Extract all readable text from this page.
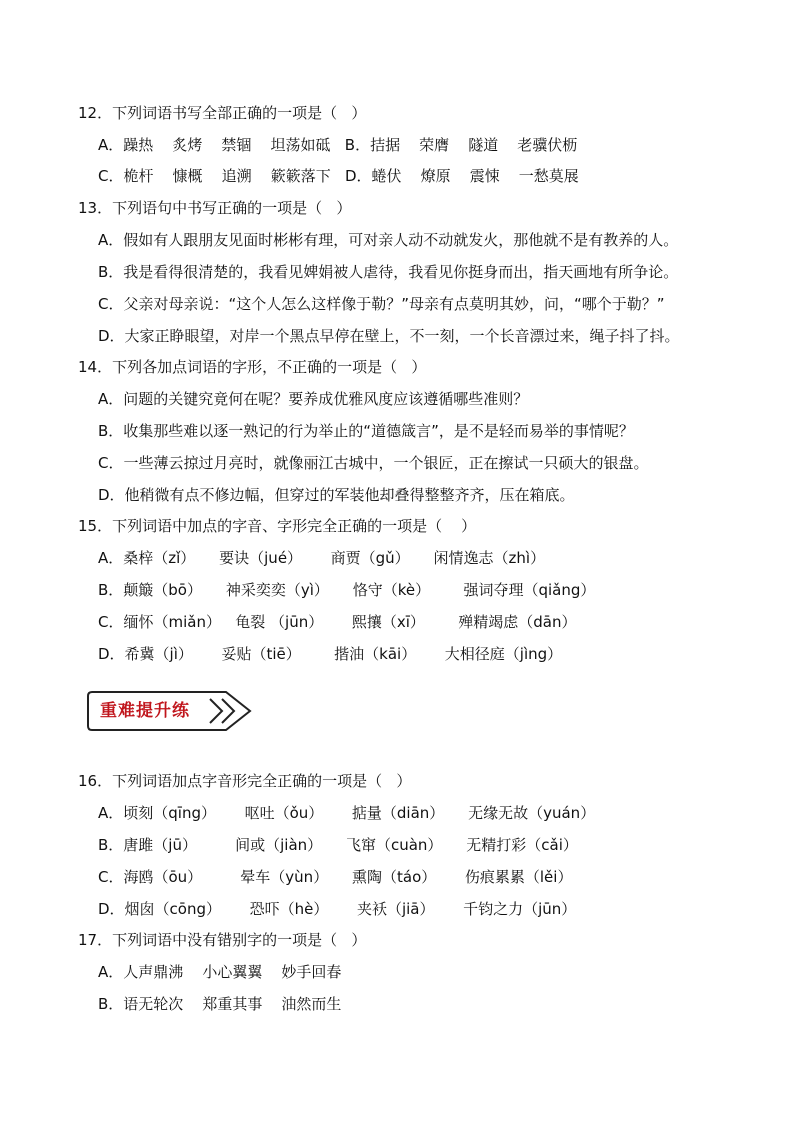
12．下列词语书写全部正确的一项是（   ）
A．躁热    炙烤    禁锢    坦荡如砥   B．拮据    荣膺    隧道    老骥伏枥
C．桅杆    慷概    追溯    簌簌落下   D．蜷伏    燎原    震悚    一愁莫展
13．下列语句中书写正确的一项是（   ）
A．假如有人跟朋友见面时彬彬有理，可对亲人动不动就发火，那他就不是有教养的人。
B．我是看得很清楚的，我看见婢娟被人虐待，我看见你挺身而出，指天画地有所争论。
C．父亲对母亲说：“这个人怎么这样像于勒？”母亲有点莫明其妙，问，“哪个于勒？”
D．大家正睁眼望，对岸一个黑点早停在壁上，不一刻，一个长音漂过来，绳子抖了抖。
14．下列各加点词语的字形，不正确的一项是（   ）
A．问题的关键究竟何在呢？要养成优雅风度应该遵循哪些准则？
B．收集那些难以逐一熟记的行为举止的“道德箴言”，是不是轻而易举的事情呢？
C．一些薄云掠过月亮时，就像丽江古城中，一个银匠，正在擦试一只硕大的银盘。
D．他稍微有点不修边幅，但穿过的军装他却叠得整整齐齐，压在箱底。
15．下列词语中加点的字音、字形完全正确的一项是（    ）
A．桑梓（zǐ）     要诀（jué）      商贾（gǔ）     闲情逸志（zhì）
B．颠簸（bō）     神采奕奕（yì）     恪守（kè）       强词夺理（qiǎng）
C．缅怀（miǎn）   龟裂 （jūn）      熙攘（xī）       殚精竭虑（dān）
D．希冀（jì）      妥贴（tiē）       揩油（kāi）      大相径庭（jìng）
重难提升练
16．下列词语加点字音形完全正确的一项是（   ）
A．顷刻（qīng）      呕吐（ǒu）      掂量（diān）     无缘无故（yuán）
B．唐雎（jū）        间或（jiàn）     飞窜（cuàn）     无精打彩（cǎi）
C．海鸥（ōu）        晕车（yùn）     熏陶（táo）      伤痕累累（lěi）
D．烟囱（cōng）      恐吓（hè）      夹袄（jiā）      千钧之力（jūn）
17．下列词语中没有错别字的一项是（   ）
A．人声鼎沸    小心翼翼    妙手回春
B．语无轮次    郑重其事    油然而生
